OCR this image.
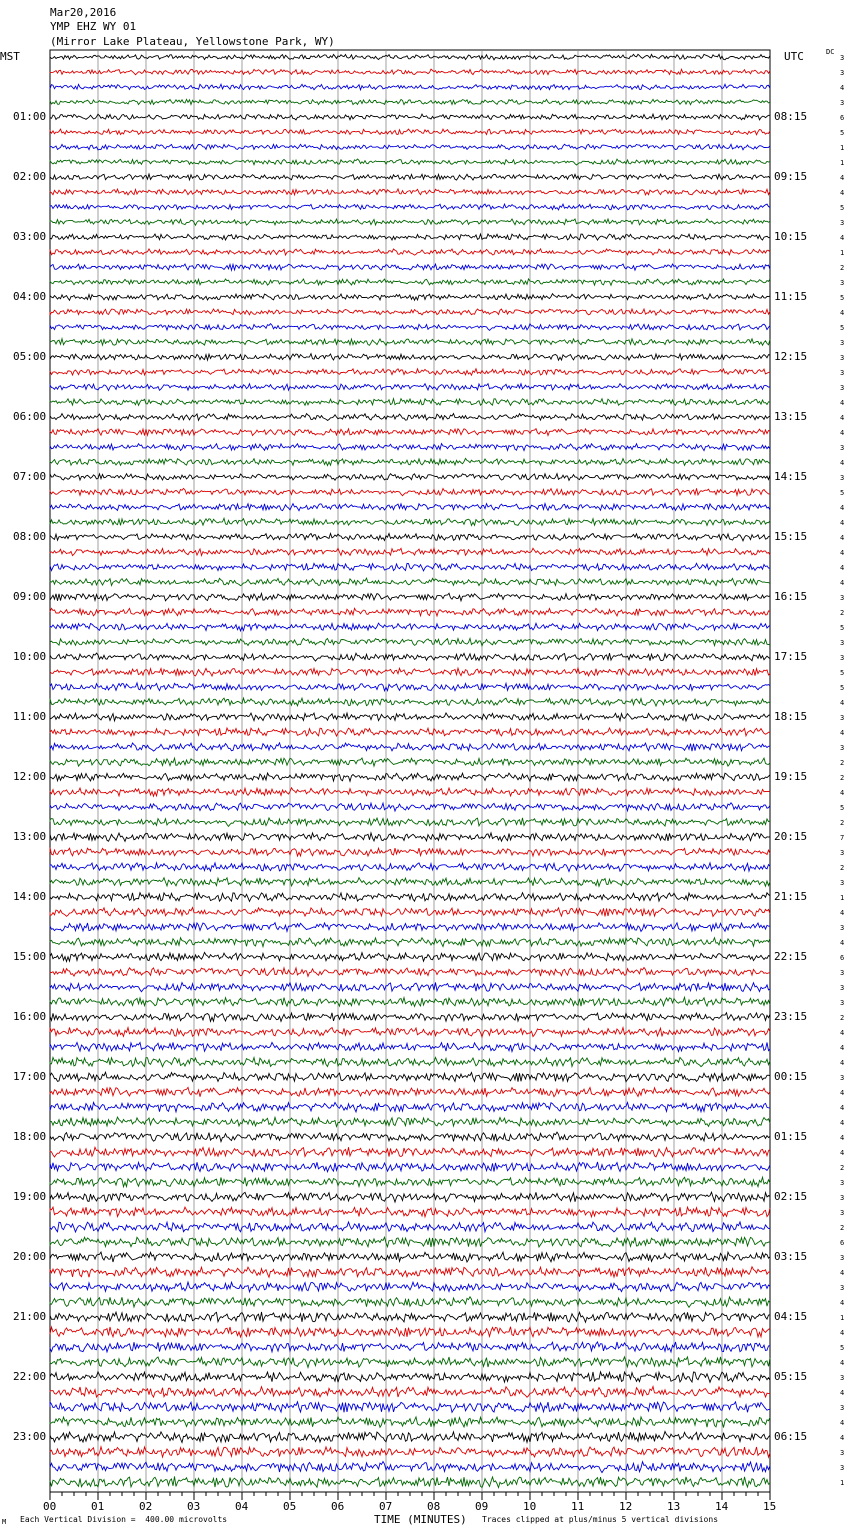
Mar20,2016
YMP EHZ WY 01
(Mirror Lake Plateau, Yellowstone Park, WY)
MST	UTC	DC
00	01	02	03	04	05	06	07	08	09	10	11	12	13	14	15
01:00
02:00
03:00
04:00
05:00
06:00
07:00
08:00
09:00
10:00
11:00
12:00
13:00
14:00
15:00
16:00
17:00
18:00
19:00
20:00
21:00
22:00
23:00
08:15
09:15
10:15
11:15
12:15
13:15
14:15
15:15
16:15
17:15
18:15
19:15
20:15
21:15
22:15
23:15
00:15
01:15
02:15
03:15
04:15
05:15
06:15
3
3
4
3
6
5
1
1
4
4
5
3
4
1
2
3
5
4
5
3
3
3
3
4
4
4
3
4
3
5
4
4
4
4
4
4
3
2
5
3
3
5
5
4
3
4
3
2
2
4
5
2
7
3
2
3
1
4
3
4
6
3
3
3
2
4
4
4
3
4
4
4
4
4
2
3
3
3
2
6
3
4
3
4
1
4
5
4
3
4
3
4
4
3
3
1
TIME (MINUTES)
M Each Vertical Division =  400.00 microvolts	Traces clipped at plus/minus 5 vertical divisions
